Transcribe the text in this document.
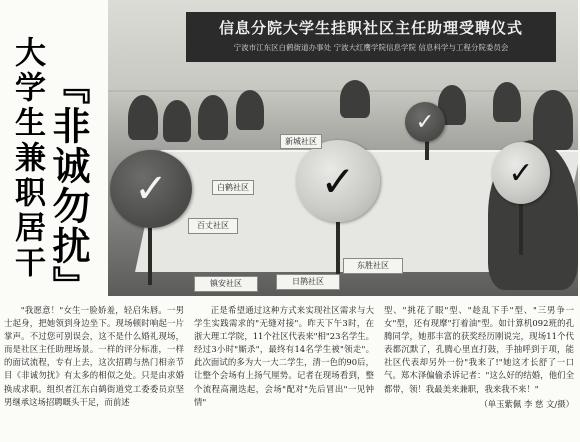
大学生兼职居干 『非诚勿扰』
信息分院大学生挂职社区主任助理受聘仪式
宁波市江东区白鹤街道办事处 宁波大红鹰学院信息学院 信息科学与工程分院委员会
✓	✓
✓
✓
日鹊社区
镇安社区
百丈社区
东胜社区
白鹤社区
新城社区

"我愿意！"女生一脸娇羞，轻启朱唇。一男士起身，把她领到身边坐下。现场顿时响起一片掌声。不过您可别误会，这不是什么婚礼现场，而是社区主任助理场景。一样的评分标准，一样的面试流程，专有上去，这次招聘与热门相亲节目《非诚勿扰》有太多的相似之处。只是由求婚换成求职。组织者江东白鹤街道党工委委员京坚男继承这场招聘嘅头干足，而前述

正是希望通过这种方式来实现社区需求与大学生实践需求的"无缝对接"。昨天下午3时，在浙大理工学院，11个社区代表来"相"23名学生。经过3小时"厮杀"，最终有14名学生被"领走"。此次面试的多为大一大二学生，清一色的90后，让整个会场有上扬气厘势。记者在现场看到，整个流程高潮迭起，会场"配对"先后冒出"一见钟情"

型、"挑花了眼"型、"趁乱下手"型、"三男争一女"型，还有现摩"打着油"型。如计算机092班的孔腾同学，她那丰富的获奖经历刚说完，现场11个代表都沉默了，孔腾心里直打鼓，手抽呼到于项，能社区代表却另外一份"我来了!"她这才长舒了一口气。郑木泽偏偷杀诉记者："这么好的结婚，他们全都带，领！我最美来兼职，我来我不来！"

（单玉紫佩 李 慈 文/摄）
